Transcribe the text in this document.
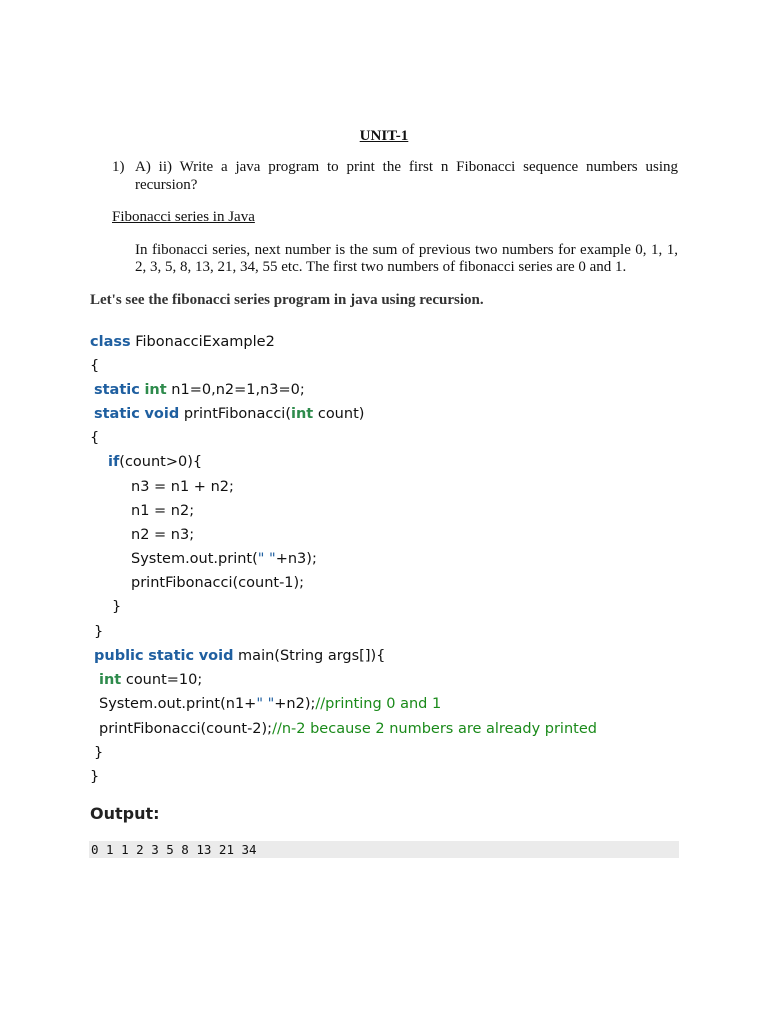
UNIT-1
1) A) ii) Write a java program to print the first n Fibonacci sequence numbers using recursion?
Fibonacci series in Java
In fibonacci series, next number is the sum of previous two numbers for example 0, 1, 1, 2, 3, 5, 8, 13, 21, 34, 55 etc. The first two numbers of fibonacci series are 0 and 1.
Let's see the fibonacci series program in java using recursion.
class FibonacciExample2
{
static int n1=0,n2=1,n3=0;
static void printFibonacci(int count)
{
if(count>0){
n3 = n1 + n2;
n1 = n2;
n2 = n3;
System.out.print(" "+n3);
printFibonacci(count-1);
}
}
public static void main(String args[]){
int count=10;
System.out.print(n1+" "+n2);//printing 0 and 1
printFibonacci(count-2);//n-2 because 2 numbers are already printed
}
}
Output:
0 1 1 2 3 5 8 13 21 34
